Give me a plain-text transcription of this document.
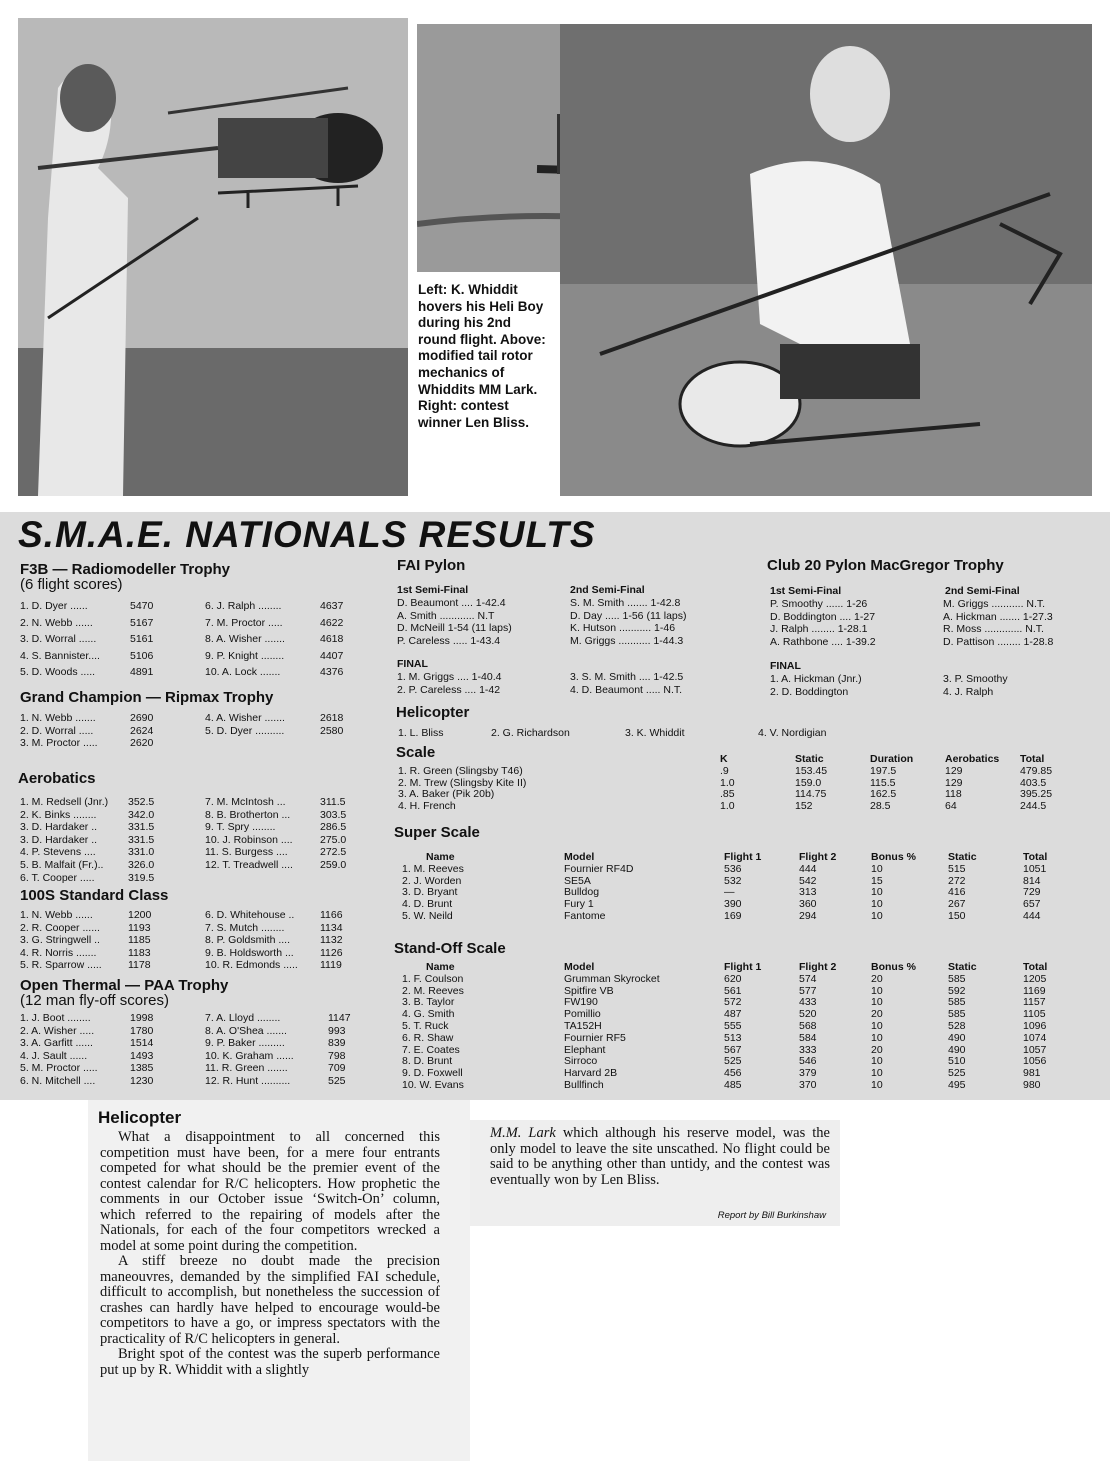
Left: K. Whiddit hovers his Heli Boy during his 2nd round flight. Above: modified tail rotor mechanics of Whiddits MM Lark. Right: contest winner Len Bliss.
S.M.A.E. NATIONALS RESULTS
F3B — Radiomodeller Trophy
(6 flight scores)
1. D. Dyer ......	5470	6. J. Ralph ........	4637
2. N. Webb ......	5167	7. M. Proctor .....	4622
3. D. Worral ......	5161	8. A. Wisher .......	4618
4. S. Bannister....	5106	9. P. Knight ........	4407
5. D. Woods .....	4891	10. A. Lock .......	4376
Grand Champion — Ripmax Trophy
1. N. Webb .......	2690	4. A. Wisher .......	2618
2. D. Worral .....	2624	5. D. Dyer ..........	2580
3. M. Proctor .....	2620
Aerobatics
1. M. Redsell (Jnr.) 352.5	7. M. McIntosh ...	311.5
2. K. Binks ........	342.0	8. B. Brotherton ...	303.5
3. D. Hardaker ..	331.5	9. T. Spry ........	286.5
3. D. Hardaker ..	331.5	10. J. Robinson ....	275.0
4. P. Stevens ....	331.0	11. S. Burgess ....	272.5
5. B. Malfait (Fr.).. 326.0	12. T. Treadwell ....	259.0
6. T. Cooper .....	319.5
100S Standard Class
1. N. Webb ......	1200	6. D. Whitehouse .. 1166
2. R. Cooper ......	1193	7. S. Mutch ........	1134
3. G. Stringwell ..	1185	8. P. Goldsmith ....	1132
4. R. Norris .......	1183	9. B. Holdsworth ...	1126
5. R. Sparrow .....	1178	10. R. Edmonds ..... 1119
Open Thermal — PAA Trophy
(12 man fly-off scores)
1. J. Boot ........	1998	7. A. Lloyd ........	1147
2. A. Wisher .....	1780	8. A. O'Shea .......	993
3. A. Garfitt ......	1514	9. P. Baker .........	839
4. J. Sault ......	1493	10. K. Graham ......	798
5. M. Proctor .....	1385	11. R. Green .......	709
6. N. Mitchell ....	1230	12. R. Hunt ..........	525
FAI Pylon
1st Semi-Final
D. Beaumont .... 1-42.4
A. Smith ............ N.T
D. McNeill 1-54 (11 laps)
P. Careless ..... 1-43.4
2nd Semi-Final
S. M. Smith ....... 1-42.8
D. Day ..... 1-56 (11 laps)
K. Hutson ........... 1-46
M. Griggs ........... 1-44.3
FINAL
1. M. Griggs .... 1-40.4
2. P. Careless .... 1-42
3. S. M. Smith .... 1-42.5
4. D. Beaumont ..... N.T.
Club 20 Pylon MacGregor Trophy
1st Semi-Final
P. Smoothy ...... 1-26
D. Boddington .... 1-27
J. Ralph ........ 1-28.1
A. Rathbone .... 1-39.2
2nd Semi-Final
M. Griggs ........... N.T.
A. Hickman ....... 1-27.3
R. Moss ............. N.T.
D. Pattison ........ 1-28.8
FINAL
1. A. Hickman (Jnr.)
2. D. Boddington
3. P. Smoothy
4. J. Ralph
Helicopter
1. L. Bliss	2. G. Richardson	3. K. Whiddit	4. V. Nordigian
Scale
		K	Static	Duration	Aerobatics	Total
1. R. Green (Slingsby T46)	.9	153.45	197.5	129	479.85
2. M. Trew (Slingsby Kite II)	1.0	159.0	115.5	129	403.5
3. A. Baker (Pik 20b)	.85	114.75	162.5	118	395.25
4. H. French	1.0	152	28.5	64	244.5
Super Scale
Name	Model	Flight 1	Flight 2	Bonus %	Static	Total
1. M. Reeves	Fournier RF4D	536	444	10	515	1051
2. J. Worden	SE5A	532	542	15	272	814
3. D. Bryant	Bulldog	—	313	10	416	729
4. D. Brunt	Fury 1	390	360	10	267	657
5. W. Neild	Fantome	169	294	10	150	444
Stand-Off Scale
Name	Model	Flight 1	Flight 2	Bonus %	Static	Total
1. F. Coulson	Grumman Skyrocket	620	574	20	585	1205
2. M. Reeves	Spitfire VB	561	577	10	592	1169
3. B. Taylor	FW190	572	433	10	585	1157
4. G. Smith	Pomillio	487	520	20	585	1105
5. T. Ruck	TA152H	555	568	10	528	1096
6. R. Shaw	Fournier RF5	513	584	10	490	1074
7. E. Coates	Elephant	567	333	20	490	1057
8. D. Brunt	Sirroco	525	546	10	510	1056
9. D. Foxwell	Harvard 2B	456	379	10	525	981
10. W. Evans	Bullfinch	485	370	10	495	980
Helicopter

What a disappointment to all concerned this competition must have been, for a mere four entrants competed for what should be the premier event of the contest calendar for R/C helicopters. How prophetic the comments in our October issue ‘Switch-On’ column, which referred to the repairing of models after the Nationals, for each of the four competitors wrecked a model at some point during the competition.

A stiff breeze no doubt made the precision maneouvres, demanded by the simplified FAI schedule, difficult to accomplish, but nonetheless the succession of crashes can hardly have helped to encourage would-be competitors to have a go, or impress spectators with the practicality of R/C helicopters in general.

Bright spot of the contest was the superb performance put up by R. Whiddit with a slightly

M.M. Lark which although his reserve model, was the only model to leave the site unscathed. No flight could be said to be anything other than untidy, and the contest was eventually won by Len Bliss.
Report by Bill Burkinshaw
